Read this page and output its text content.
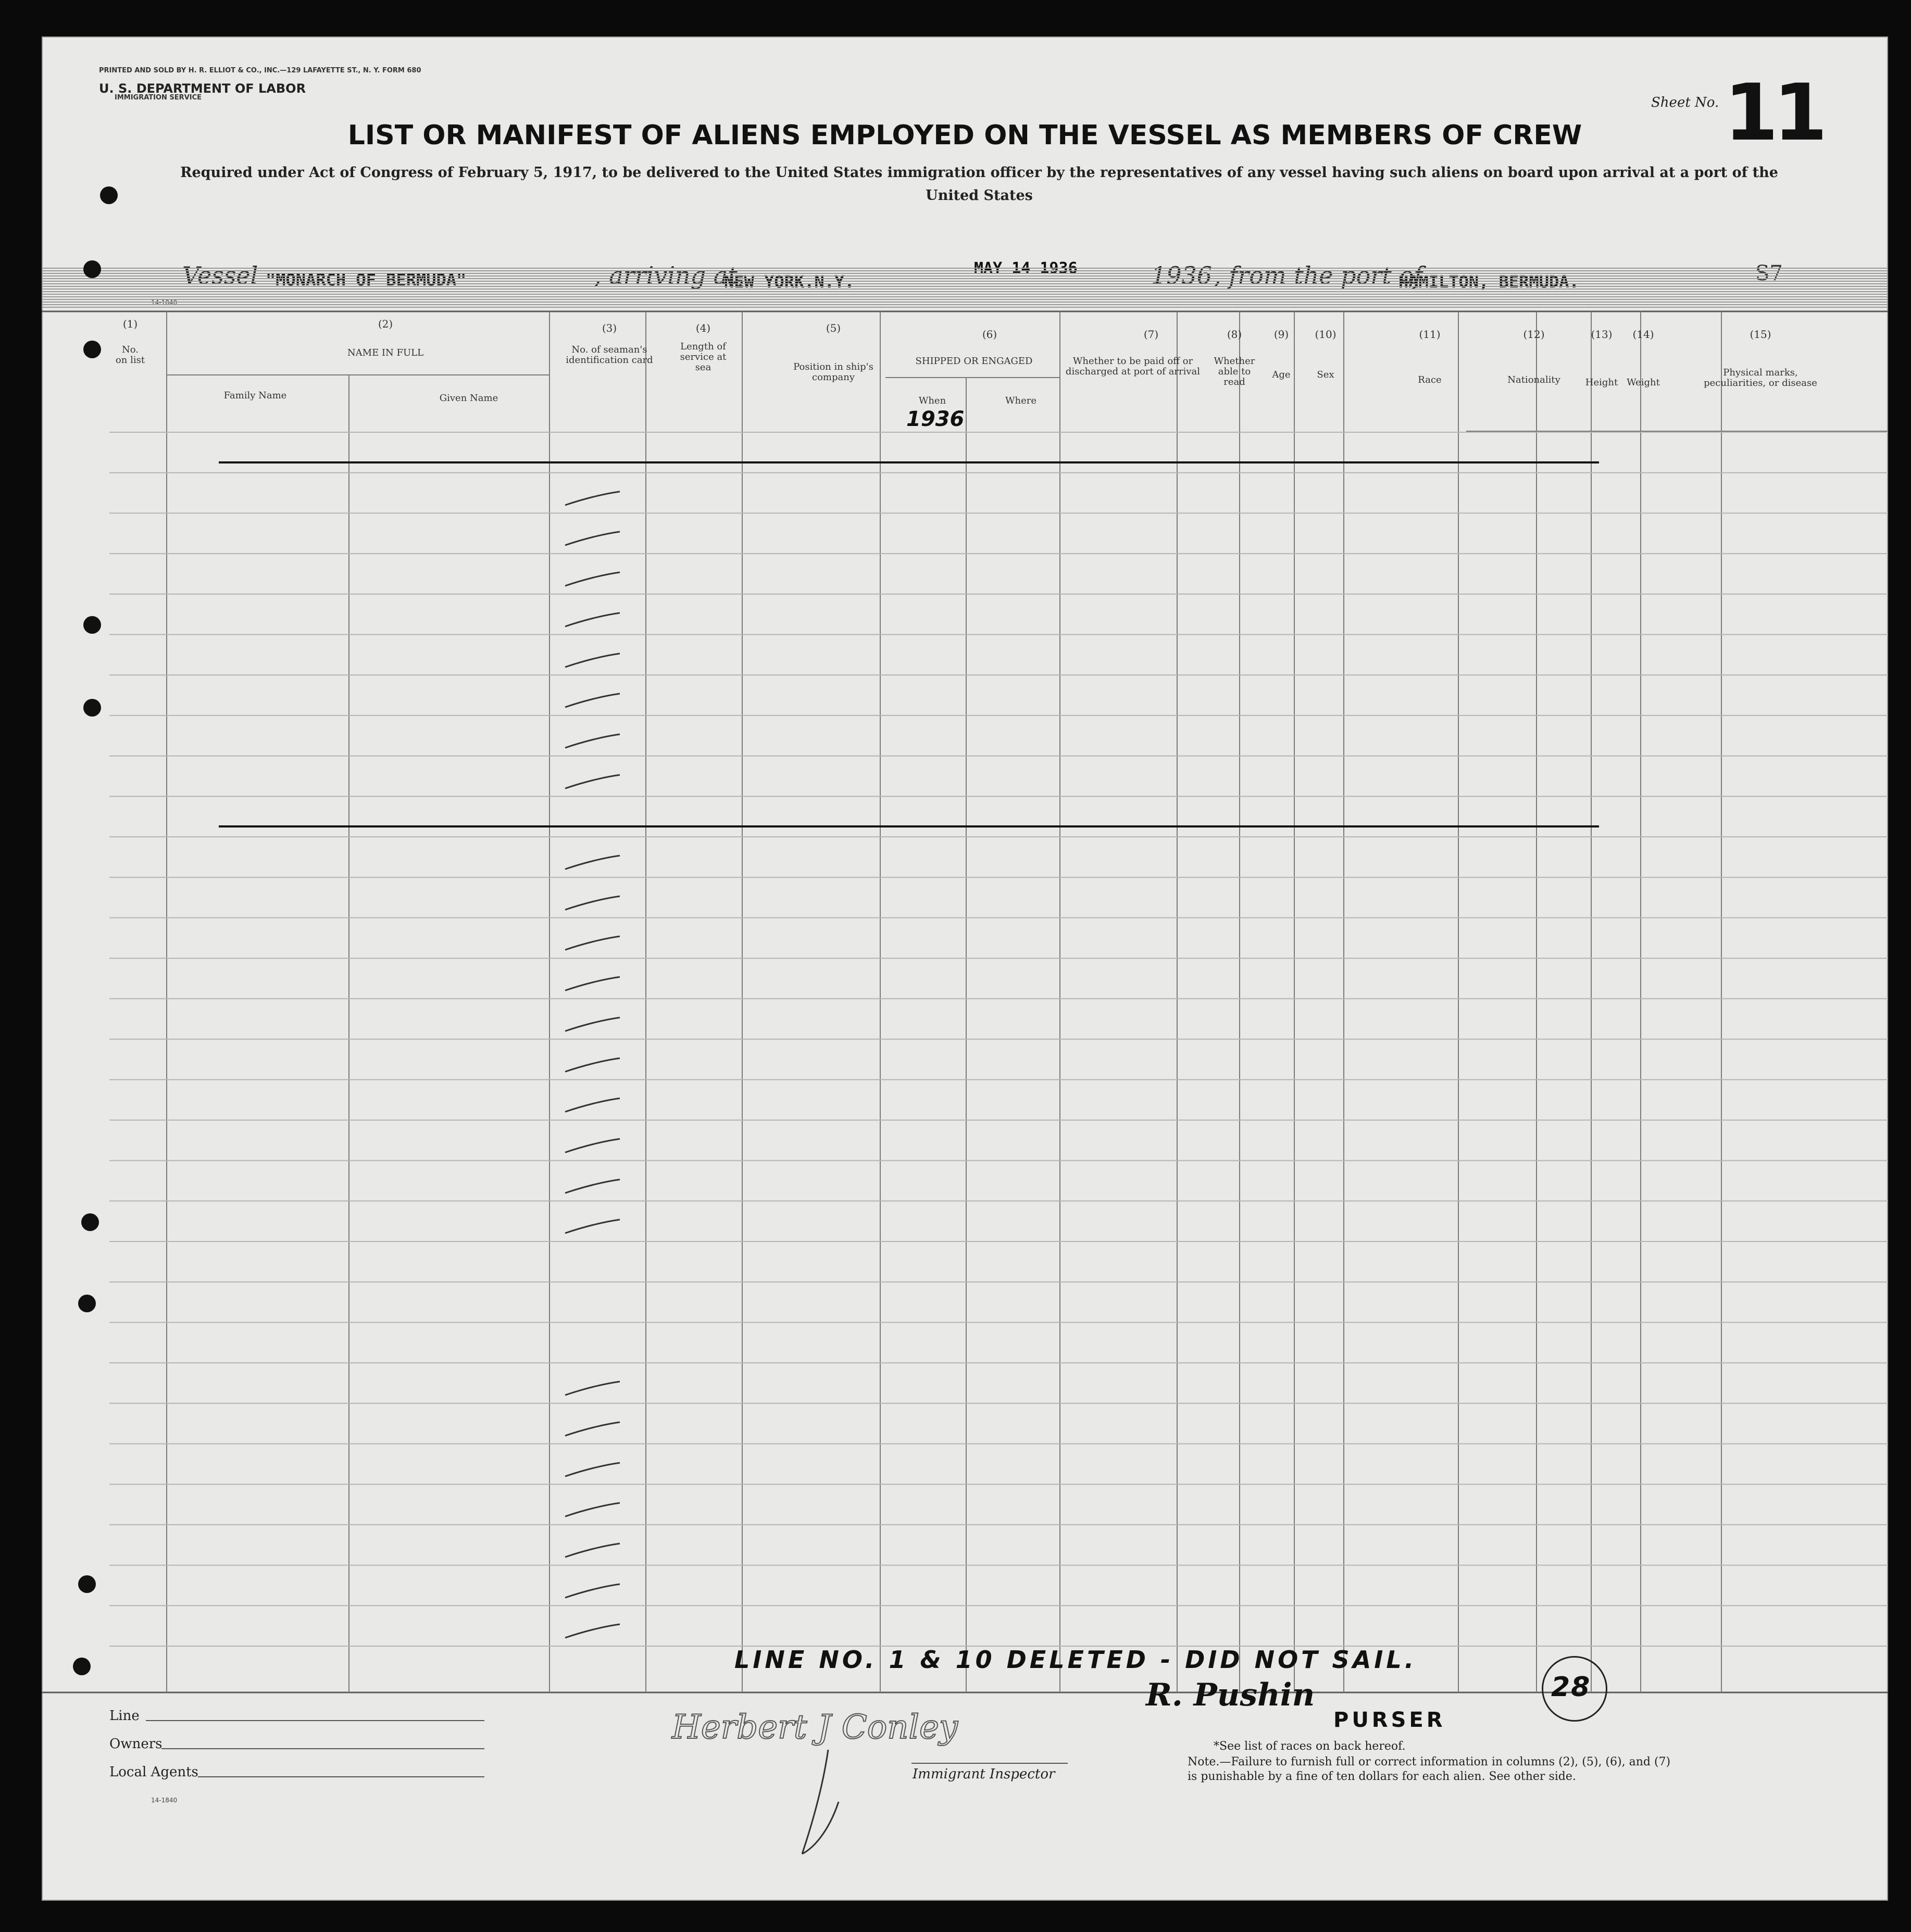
PRINTED AND SOLD BY H. R. ELLIOT & CO., INC.—129 LAFAYETTE ST., N. Y. FORM 680
U. S. DEPARTMENT OF LABOR
IMMIGRATION SERVICE	Sheet No. 11
LIST OR MANIFEST OF ALIENS EMPLOYED ON THE VESSEL AS MEMBERS OF CREW
Required under Act of Congress of February 5, 1917, to be delivered to the United States immigration officer by the representatives of any vessel having such aliens on board upon arrival at a port of the United States
Vessel "MONARCH OF BERMUDA"	, arriving at,
NEW YORK.N.Y.
MAY 14 1936	1936 , from the port of
HAMILTON, BERMUDA.	S7
14-1840
(1)
No. on list
(2)
NAME IN FULL
Family Name	Given Name
(3)
No. of seaman's identification card
(4)
Length of service at sea
(5)
Position in ship's company
(6)
SHIPPED OR ENGAGED
When	Where
1936
(7)
Whether to be paid off or discharged at port of arrival
(8)
Whether able to read
(9)
Age
(10)
Sex
(11)
Race
(12)
Nationality
(13)
Height
(14)
Weight
(15)
Physical marks, peculiarities, or disease
LINE NO. 1 & 10 DELETED - DID NOT SAIL.
Line
Owners
Local Agents
14-1840
Herbert J Conley
Immigrant Inspector
R. Pushin
PURSER
28
*See list of races on back hereof.
Note.—Failure to furnish full or correct information in columns (2), (5), (6), and (7) is punishable by a fine of ten dollars for each alien. See other side.
